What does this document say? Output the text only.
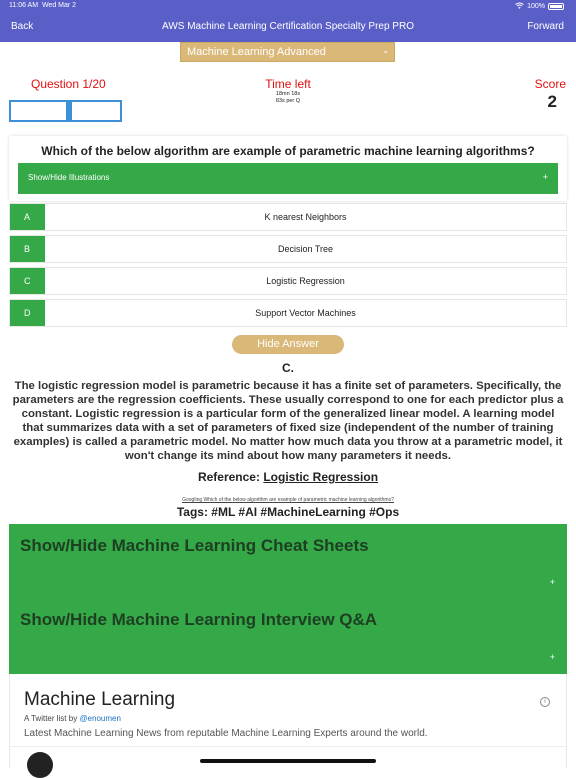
11:06 AM Wed Mar 2	100%
AWS Machine Learning Certification Specialty Prep PRO
Back	Forward
Machine Learning Advanced	⌄
Question 1/20	Time left
18mn 18s
83s per Q
Score
2
Which of the below algorithm are example of parametric machine learning algorithms?
Show/Hide Illustrations	+
A	K nearest Neighbors
B	Decision Tree
C	Logistic Regression
D	Support Vector Machines
Hide Answer
C.
The logistic regression model is parametric because it has a finite set of parameters. Specifically, the parameters are the regression coefficients. These usually correspond to one for each predictor plus a constant. Logistic regression is a particular form of the generalized linear model. A learning model that summarizes data with a set of parameters of fixed size (independent of the number of training examples) is called a parametric model. No matter how much data you throw at a parametric model, it won't change its mind about how many parameters it needs.
Reference: Logistic Regression
Googling Which of the below algorithm are example of parametric machine learning algorithms?
Tags: #ML #AI #MachineLearning #Ops
Show/Hide Machine Learning Cheat Sheets
+
Show/Hide Machine Learning Interview Q&A
+
Machine Learning	i
A Twitter list by @enoumen
Latest Machine Learning News from reputable Machine Learning Experts around the world.
